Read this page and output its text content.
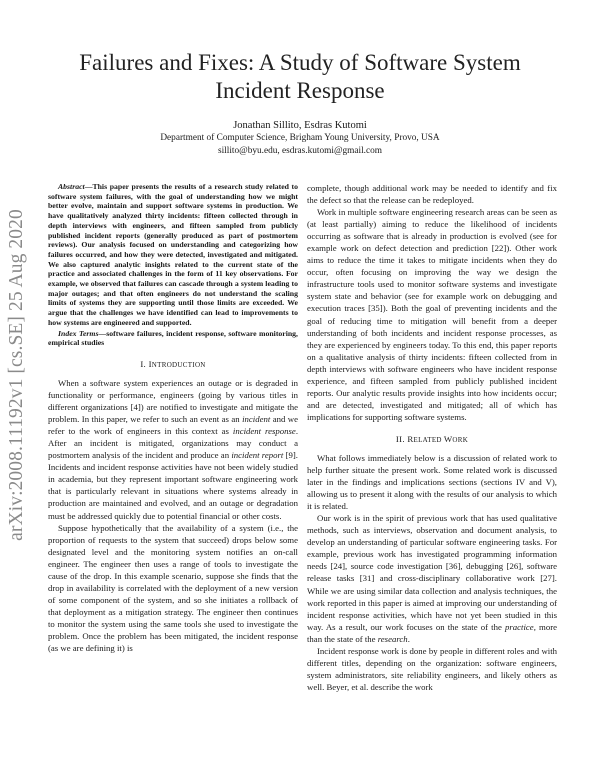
arXiv:2008.11192v1 [cs.SE] 25 Aug 2020
Failures and Fixes: A Study of Software System Incident Response
Jonathan Sillito, Esdras Kutomi
Department of Computer Science, Brigham Young University, Provo, USA
sillito@byu.edu, esdras.kutomi@gmail.com

Abstract—This paper presents the results of a research study related to software system failures, with the goal of understanding how we might better evolve, maintain and support software systems in production. We have qualitatively analyzed thirty incidents: fifteen collected through in depth interviews with engineers, and fifteen sampled from publicly published incident reports (generally produced as part of postmortem reviews). Our analysis focused on understanding and categorizing how failures occurred, and how they were detected, investigated and mitigated. We also captured analytic insights related to the current state of the practice and associated challenges in the form of 11 key observations. For example, we observed that failures can cascade through a system leading to major outages; and that often engineers do not understand the scaling limits of systems they are supporting until those limits are exceeded. We argue that the challenges we have identified can lead to improvements to how systems are engineered and supported.

Index Terms—software failures, incident response, software monitoring, empirical studies

I. INTRODUCTION

When a software system experiences an outage or is degraded in functionality or performance, engineers (going by various titles in different organizations [4]) are notified to investigate and mitigate the problem. In this paper, we refer to such an event as an incident and we refer to the work of engineers in this context as incident response. After an incident is mitigated, organizations may conduct a postmortem analysis of the incident and produce an incident report [9]. Incidents and incident response activities have not been widely studied in academia, but they represent important software engineering work that is particularly relevant in situations where systems already in production are maintained and evolved, and an outage or degradation must be addressed quickly due to potential financial or other costs.

Suppose hypothetically that the availability of a system (i.e., the proportion of requests to the system that succeed) drops below some designated level and the monitoring system notifies an on-call engineer. The engineer then uses a range of tools to investigate the cause of the drop. In this example scenario, suppose she finds that the drop in availability is correlated with the deployment of a new version of some component of the system, and so she initiates a rollback of that deployment as a mitigation strategy. The engineer then continues to monitor the system using the same tools she used to investigate the problem. Once the problem has been mitigated, the incident response (as we are defining it) is

complete, though additional work may be needed to identify and fix the defect so that the release can be redeployed.

Work in multiple software engineering research areas can be seen as (at least partially) aiming to reduce the likelihood of incidents occurring as software that is already in production is evolved (see for example work on defect detection and prediction [22]). Other work aims to reduce the time it takes to mitigate incidents when they do occur, often focusing on improving the way we design the infrastructure tools used to monitor software systems and investigate system state and behavior (see for example work on debugging and execution traces [35]). Both the goal of preventing incidents and the goal of reducing time to mitigation will benefit from a deeper understanding of both incidents and incident response processes, as they are experienced by engineers today. To this end, this paper reports on a qualitative analysis of thirty incidents: fifteen collected from in depth interviews with software engineers who have incident response experience, and fifteen sampled from publicly published incident reports. Our analytic results provide insights into how incidents occur; and are detected, investigated and mitigated; all of which has implications for supporting software systems.

II. RELATED WORK

What follows immediately below is a discussion of related work to help further situate the present work. Some related work is discussed later in the findings and implications sections (sections IV and V), allowing us to present it along with the results of our analysis to which it is related.

Our work is in the spirit of previous work that has used qualitative methods, such as interviews, observation and document analysis, to develop an understanding of particular software engineering tasks. For example, previous work has investigated programming information needs [24], source code investigation [36], debugging [26], software release tasks [31] and cross-disciplinary collaborative work [27]. While we are using similar data collection and analysis techniques, the work reported in this paper is aimed at improving our understanding of incident response activities, which have not yet been studied in this way. As a result, our work focuses on the state of the practice, more than the state of the research.

Incident response work is done by people in different roles and with different titles, depending on the organization: software engineers, system administrators, site reliability engineers, and likely others as well. Beyer, et al. describe the work
